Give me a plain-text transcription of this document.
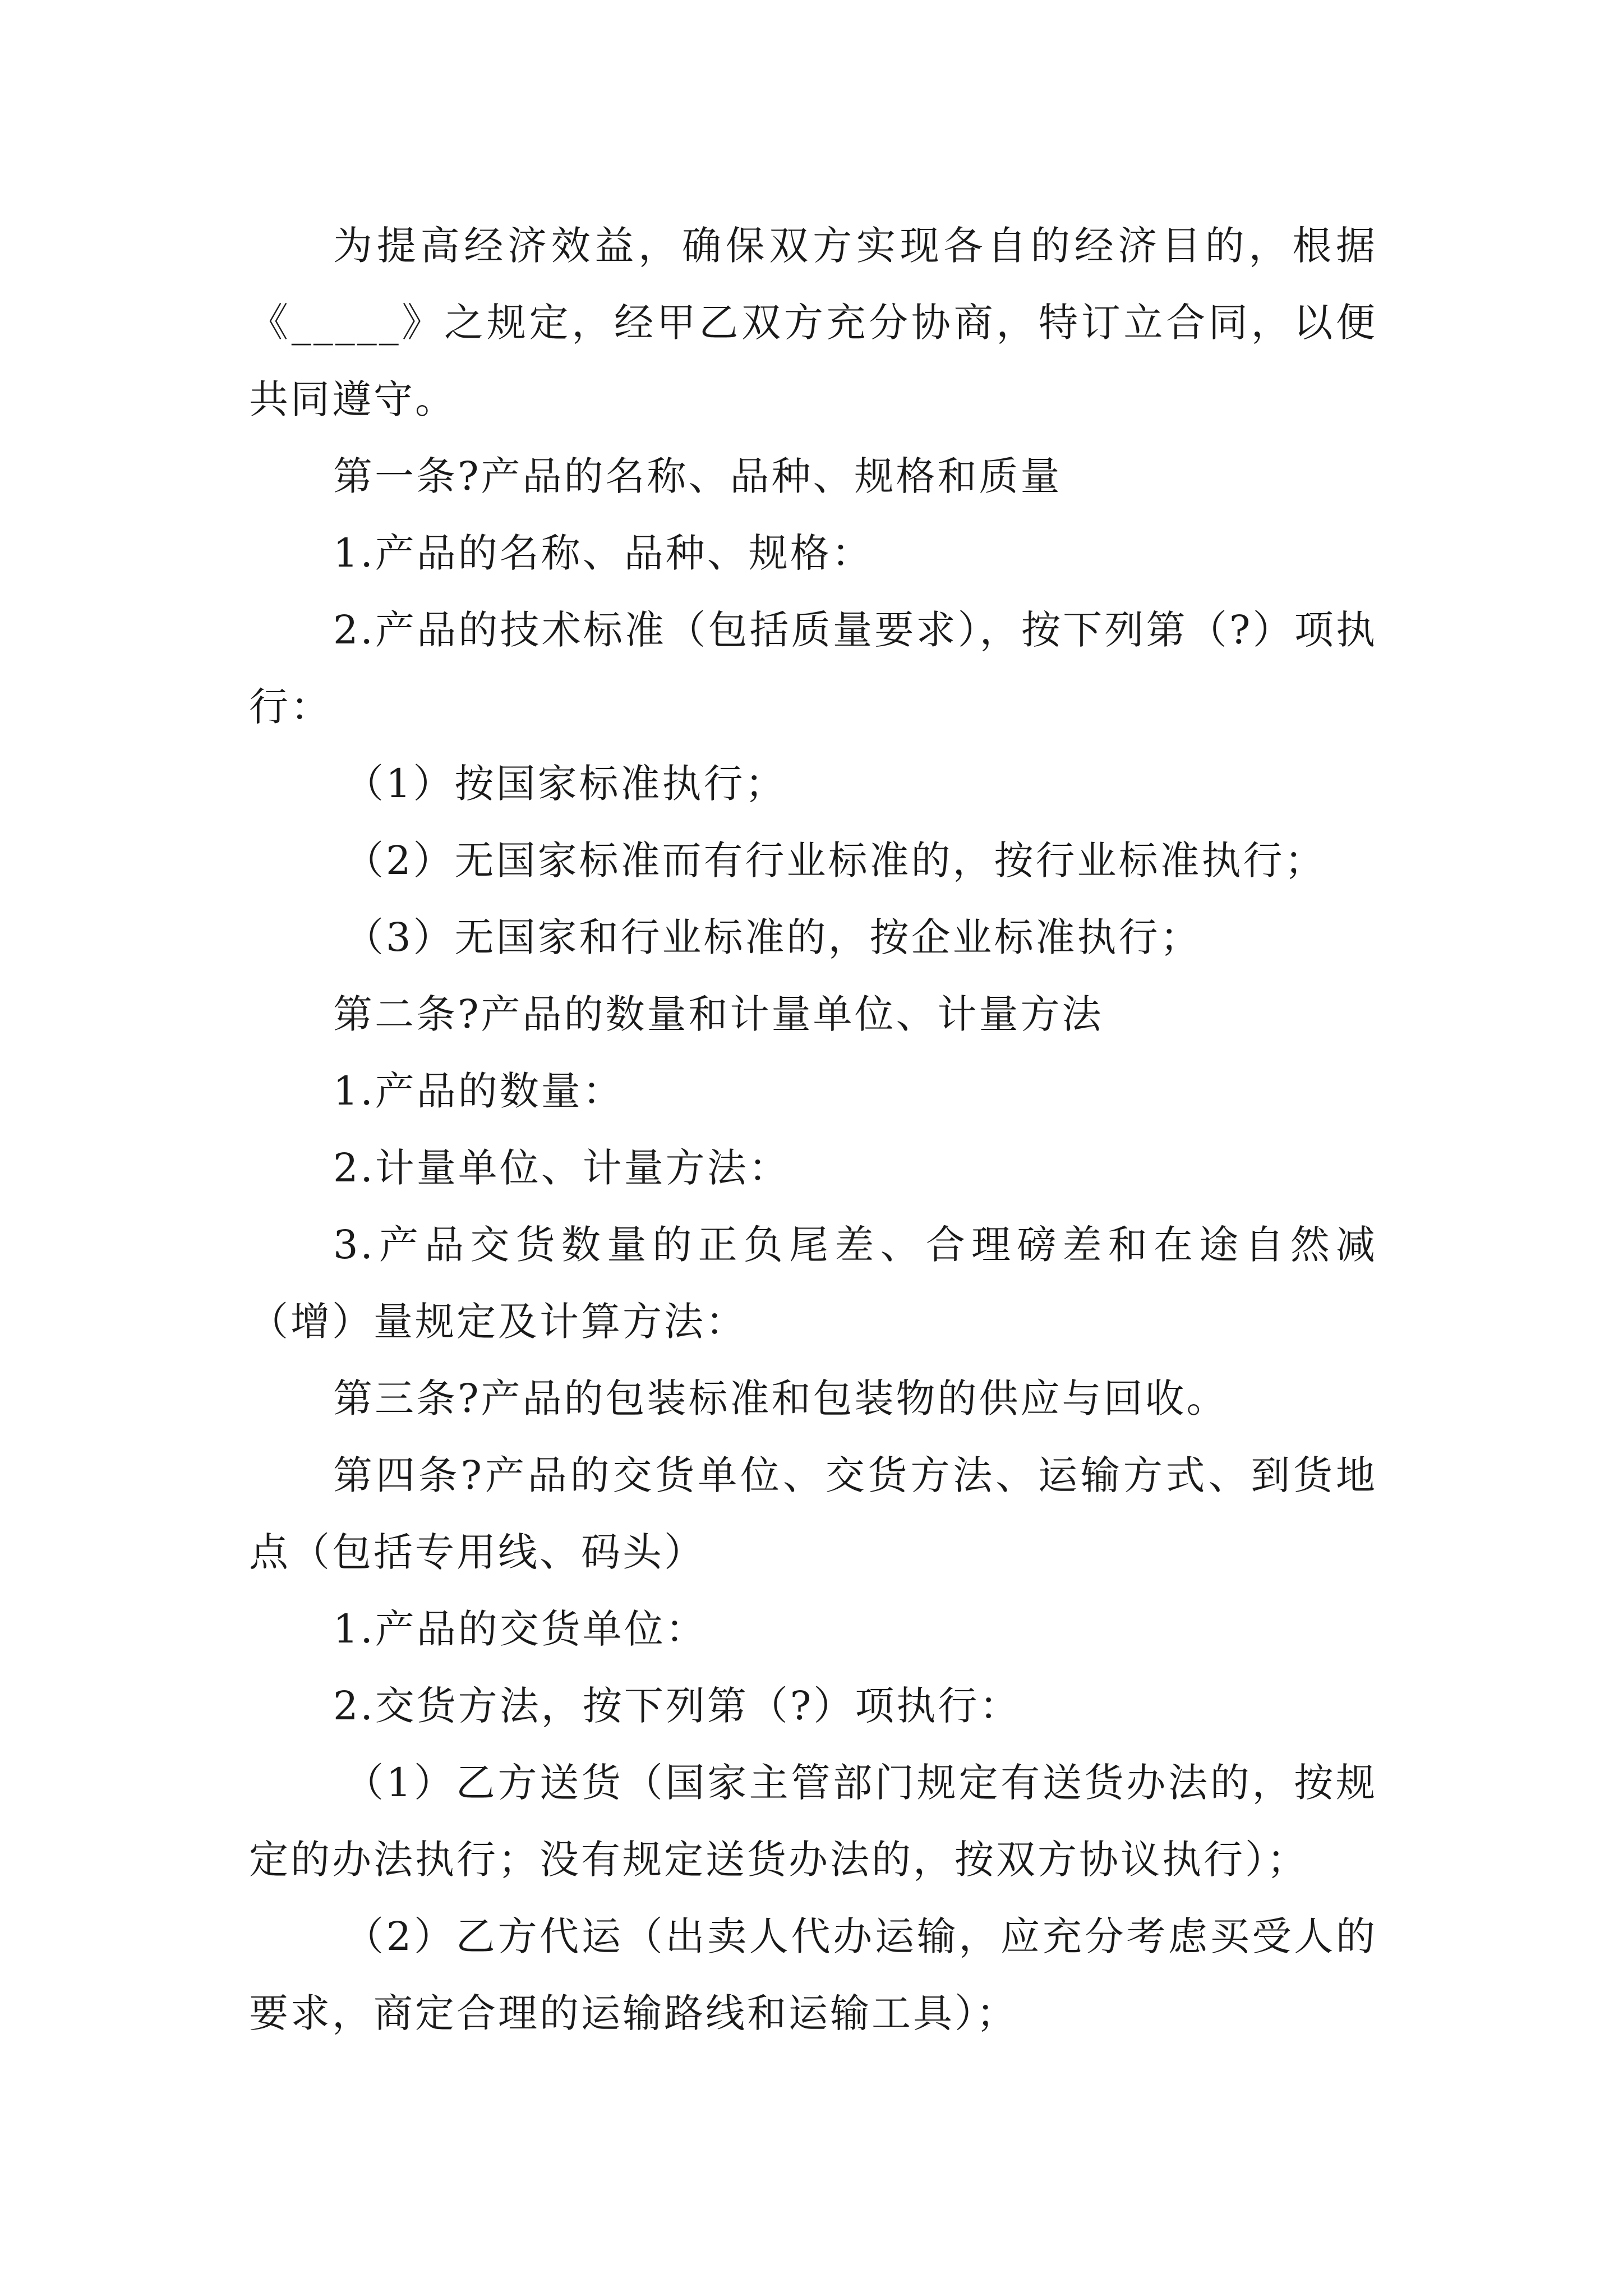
为提高经济效益，确保双方实现各自的经济目的，根据《_____》之规定，经甲乙双方充分协商，特订立合同，以便共同遵守。

第一条?产品的名称、品种、规格和质量

1.产品的名称、品种、规格：

2.产品的技术标准（包括质量要求），按下列第（?）项执行：

（1）按国家标准执行；

（2）无国家标准而有行业标准的，按行业标准执行；

（3）无国家和行业标准的，按企业标准执行；

第二条?产品的数量和计量单位、计量方法

1.产品的数量：

2.计量单位、计量方法：

3.产品交货数量的正负尾差、合理磅差和在途自然减（增）量规定及计算方法：

第三条?产品的包装标准和包装物的供应与回收。

第四条?产品的交货单位、交货方法、运输方式、到货地点（包括专用线、码头）

1.产品的交货单位：

2.交货方法，按下列第（?）项执行：

（1）乙方送货（国家主管部门规定有送货办法的，按规定的办法执行；没有规定送货办法的，按双方协议执行）；

（2）乙方代运（出卖人代办运输，应充分考虑买受人的要求，商定合理的运输路线和运输工具）；
